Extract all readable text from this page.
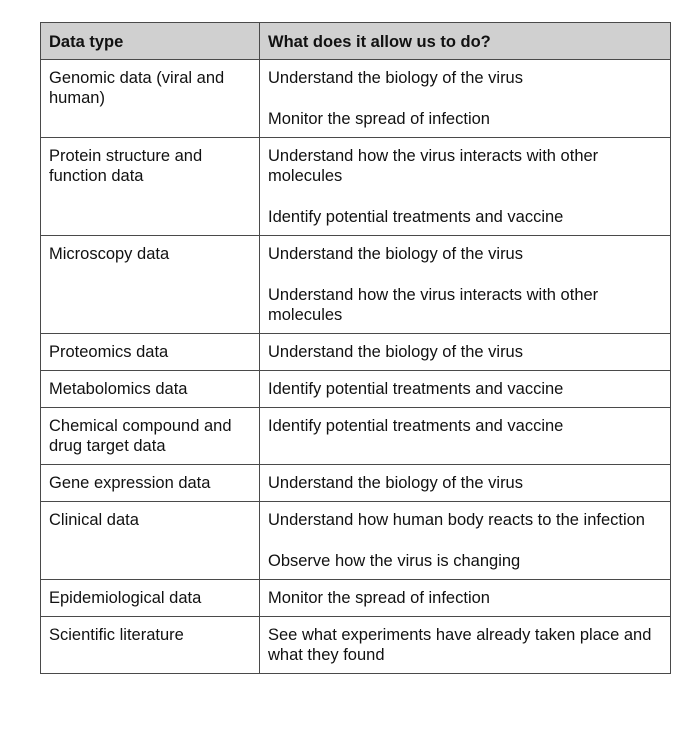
Data type	What does it allow us to do?
Genomic data (viral and human)	Understand the biology of the virus
Monitor the spread of infection

Protein structure and function data	Understand how the virus interacts with other molecules
Identify potential treatments and vaccine

Microscopy data	Understand the biology of the virus
Understand how the virus interacts with other molecules

Proteomics data	Understand the biology of the virus

Metabolomics data	Identify potential treatments and vaccine

Chemical compound and drug target data	Identify potential treatments and vaccine

Gene expression data	Understand the biology of the virus

Clinical data	Understand how human body reacts to the infection
Observe how the virus is changing

Epidemiological data	Monitor the spread of infection

Scientific literature	See what experiments have already taken place and what they found
